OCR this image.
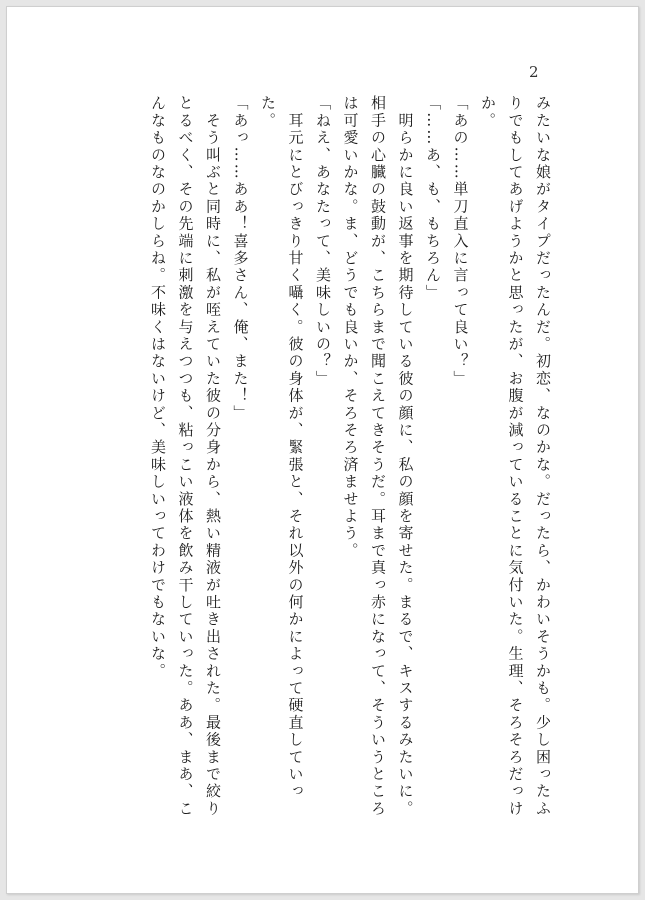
2

みたいな娘がタイプだったんだ。初恋、なのかな。だったら、かわいそうかも。少し困ったふりでもしてあげようかと思ったが、お腹が減っていることに気付いた。生理、そろそろだっけか。

「あの……単刀直入に言って良い？」

「……あ、も、もちろん」

　明らかに良い返事を期待している彼の顔に、私の顔を寄せた。まるで、キスするみたいに。相手の心臓の鼓動が、こちらまで聞こえてきそうだ。耳まで真っ赤になって、そういうところは可愛いかな。ま、どうでも良いか、そろそろ済ませよう。

「ねえ、あなたって、美味しいの？」

　耳元にとびっきり甘く囁く。彼の身体が、緊張と、それ以外の何かによって硬直していった。

「あっ……ああ！喜多さん、俺、また！」

　そう叫ぶと同時に、私が咥えていた彼の分身から、熱い精液が吐き出された。最後まで絞りとるべく、その先端に刺激を与えつつも、粘っこい液体を飲み干していった。ああ、まあ、こんなものなのかしらね。不味くはないけど、美味しいってわけでもないな。
